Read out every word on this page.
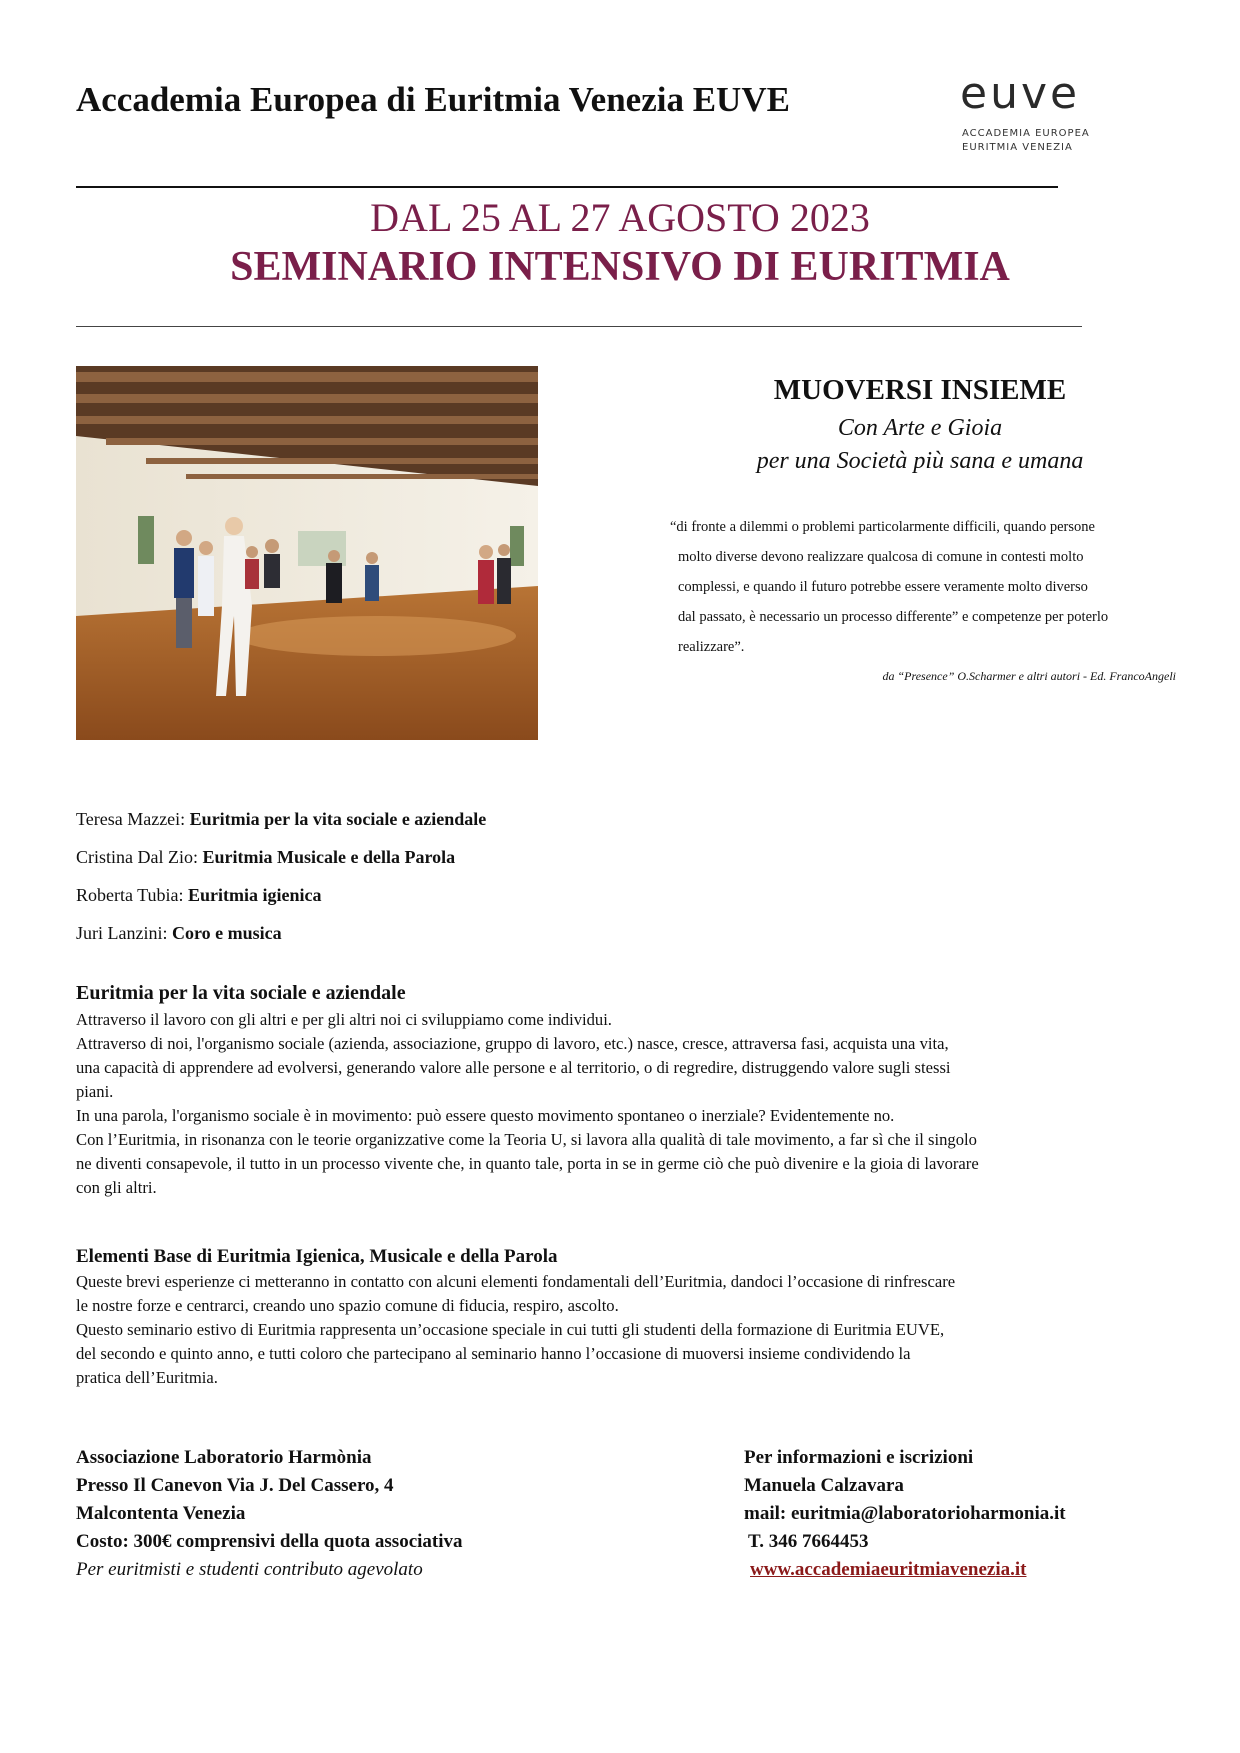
Accademia Europea di Euritmia Venezia EUVE	euve
ACCADEMIA EUROPEA
EURITMIA VENEZIA
DAL 25 AL 27 AGOSTO 2023
SEMINARIO INTENSIVO DI EURITMIA
MUOVERSI INSIEME
Con Arte e Gioia
per una Società più sana e umana
“di fronte a dilemmi o problemi particolarmente difficili, quando persone
molto diverse devono realizzare qualcosa di comune in contesti molto
complessi, e quando il futuro potrebbe essere veramente molto diverso
dal passato, è necessario un processo differente” e competenze per poterlo
realizzare”.
da “Presence” O.Scharmer e altri autori - Ed. FrancoAngeli
Teresa Mazzei: Euritmia per la vita sociale e aziendale
Cristina Dal Zio: Euritmia Musicale e della Parola
Roberta Tubia: Euritmia igienica
Juri Lanzini: Coro e musica
Euritmia per la vita sociale e aziendale
Attraverso il lavoro con gli altri e per gli altri noi ci sviluppiamo come individui.
Attraverso di noi, l'organismo sociale (azienda, associazione, gruppo di lavoro, etc.) nasce, cresce, attraversa fasi, acquista una vita,
una capacità di apprendere ad evolversi, generando valore alle persone e al territorio, o di regredire, distruggendo valore sugli stessi
piani.
In una parola, l'organismo sociale è in movimento: può essere questo movimento spontaneo o inerziale? Evidentemente no.
Con l’Euritmia, in risonanza con le teorie organizzative come la Teoria U, si lavora alla qualità di tale movimento, a far sì che il singolo
ne diventi consapevole, il tutto in un processo vivente che, in quanto tale, porta in se in germe ciò che può divenire e la gioia di lavorare
con gli altri.
Elementi Base di Euritmia Igienica, Musicale e della Parola
Queste brevi esperienze ci metteranno in contatto con alcuni elementi fondamentali dell’Euritmia, dandoci l’occasione di rinfrescare
le nostre forze e centrarci, creando uno spazio comune di fiducia, respiro, ascolto.
Questo seminario estivo di Euritmia rappresenta un’occasione speciale in cui tutti gli studenti della formazione di Euritmia EUVE,
del secondo e quinto anno, e tutti coloro che partecipano al seminario hanno l’occasione di muoversi insieme condividendo la
pratica dell’Euritmia.
Associazione Laboratorio Harmònia
Presso Il Canevon Via J. Del Cassero, 4
Malcontenta Venezia
Costo: 300€ comprensivi della quota associativa
Per euritmisti e studenti contributo agevolato
Per informazioni e iscrizioni
Manuela Calzavara
mail: euritmia@laboratorioharmonia.it
T. 346 7664453
www.accademiaeuritmiavenezia.it
